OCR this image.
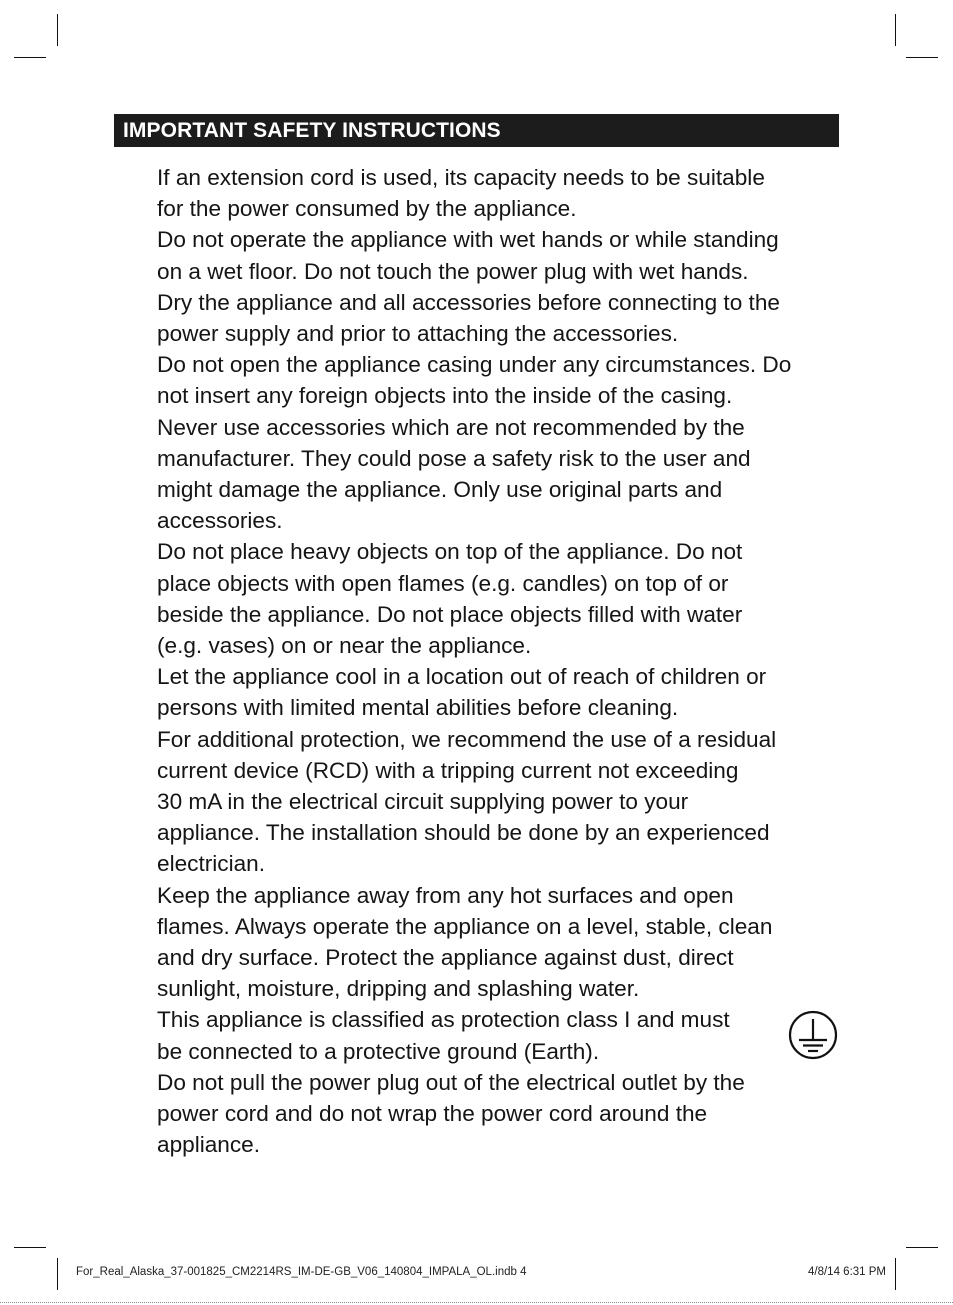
IMPORTANT SAFETY INSTRUCTIONS

If an extension cord is used, its capacity needs to be suitable
for the power consumed by the appliance.

Do not operate the appliance with wet hands or while standing
on a wet floor. Do not touch the power plug with wet hands.

Dry the appliance and all accessories before connecting to the
power supply and prior to attaching the accessories.

Do not open the appliance casing under any circumstances. Do
not insert any foreign objects into the inside of the casing.

Never use accessories which are not recommended by the
manufacturer. They could pose a safety risk to the user and
might damage the appliance. Only use original parts and
accessories.

Do not place heavy objects on top of the appliance. Do not
place objects with open flames (e.g. candles) on top of or
beside the appliance. Do not place objects filled with water
(e.g. vases) on or near the appliance.

Let the appliance cool in a location out of reach of children or
persons with limited mental abilities before cleaning.

For additional protection, we recommend the use of a residual
current device (RCD) with a tripping current not exceeding
30 mA in the electrical circuit supplying power to your
appliance. The installation should be done by an experienced
electrician.

Keep the appliance away from any hot surfaces and open
flames. Always operate the appliance on a level, stable, clean
and dry surface. Protect the appliance against dust, direct
sunlight, moisture, dripping and splashing water.

This appliance is classified as protection class I and must
be connected to a protective ground (Earth).

Do not pull the power plug out of the electrical outlet by the
power cord and do not wrap the power cord around the
appliance.

For_Real_Alaska_37-001825_CM2214RS_IM-DE-GB_V06_140804_IMPALA_OL.indb 4	4/8/14 6:31 PM
